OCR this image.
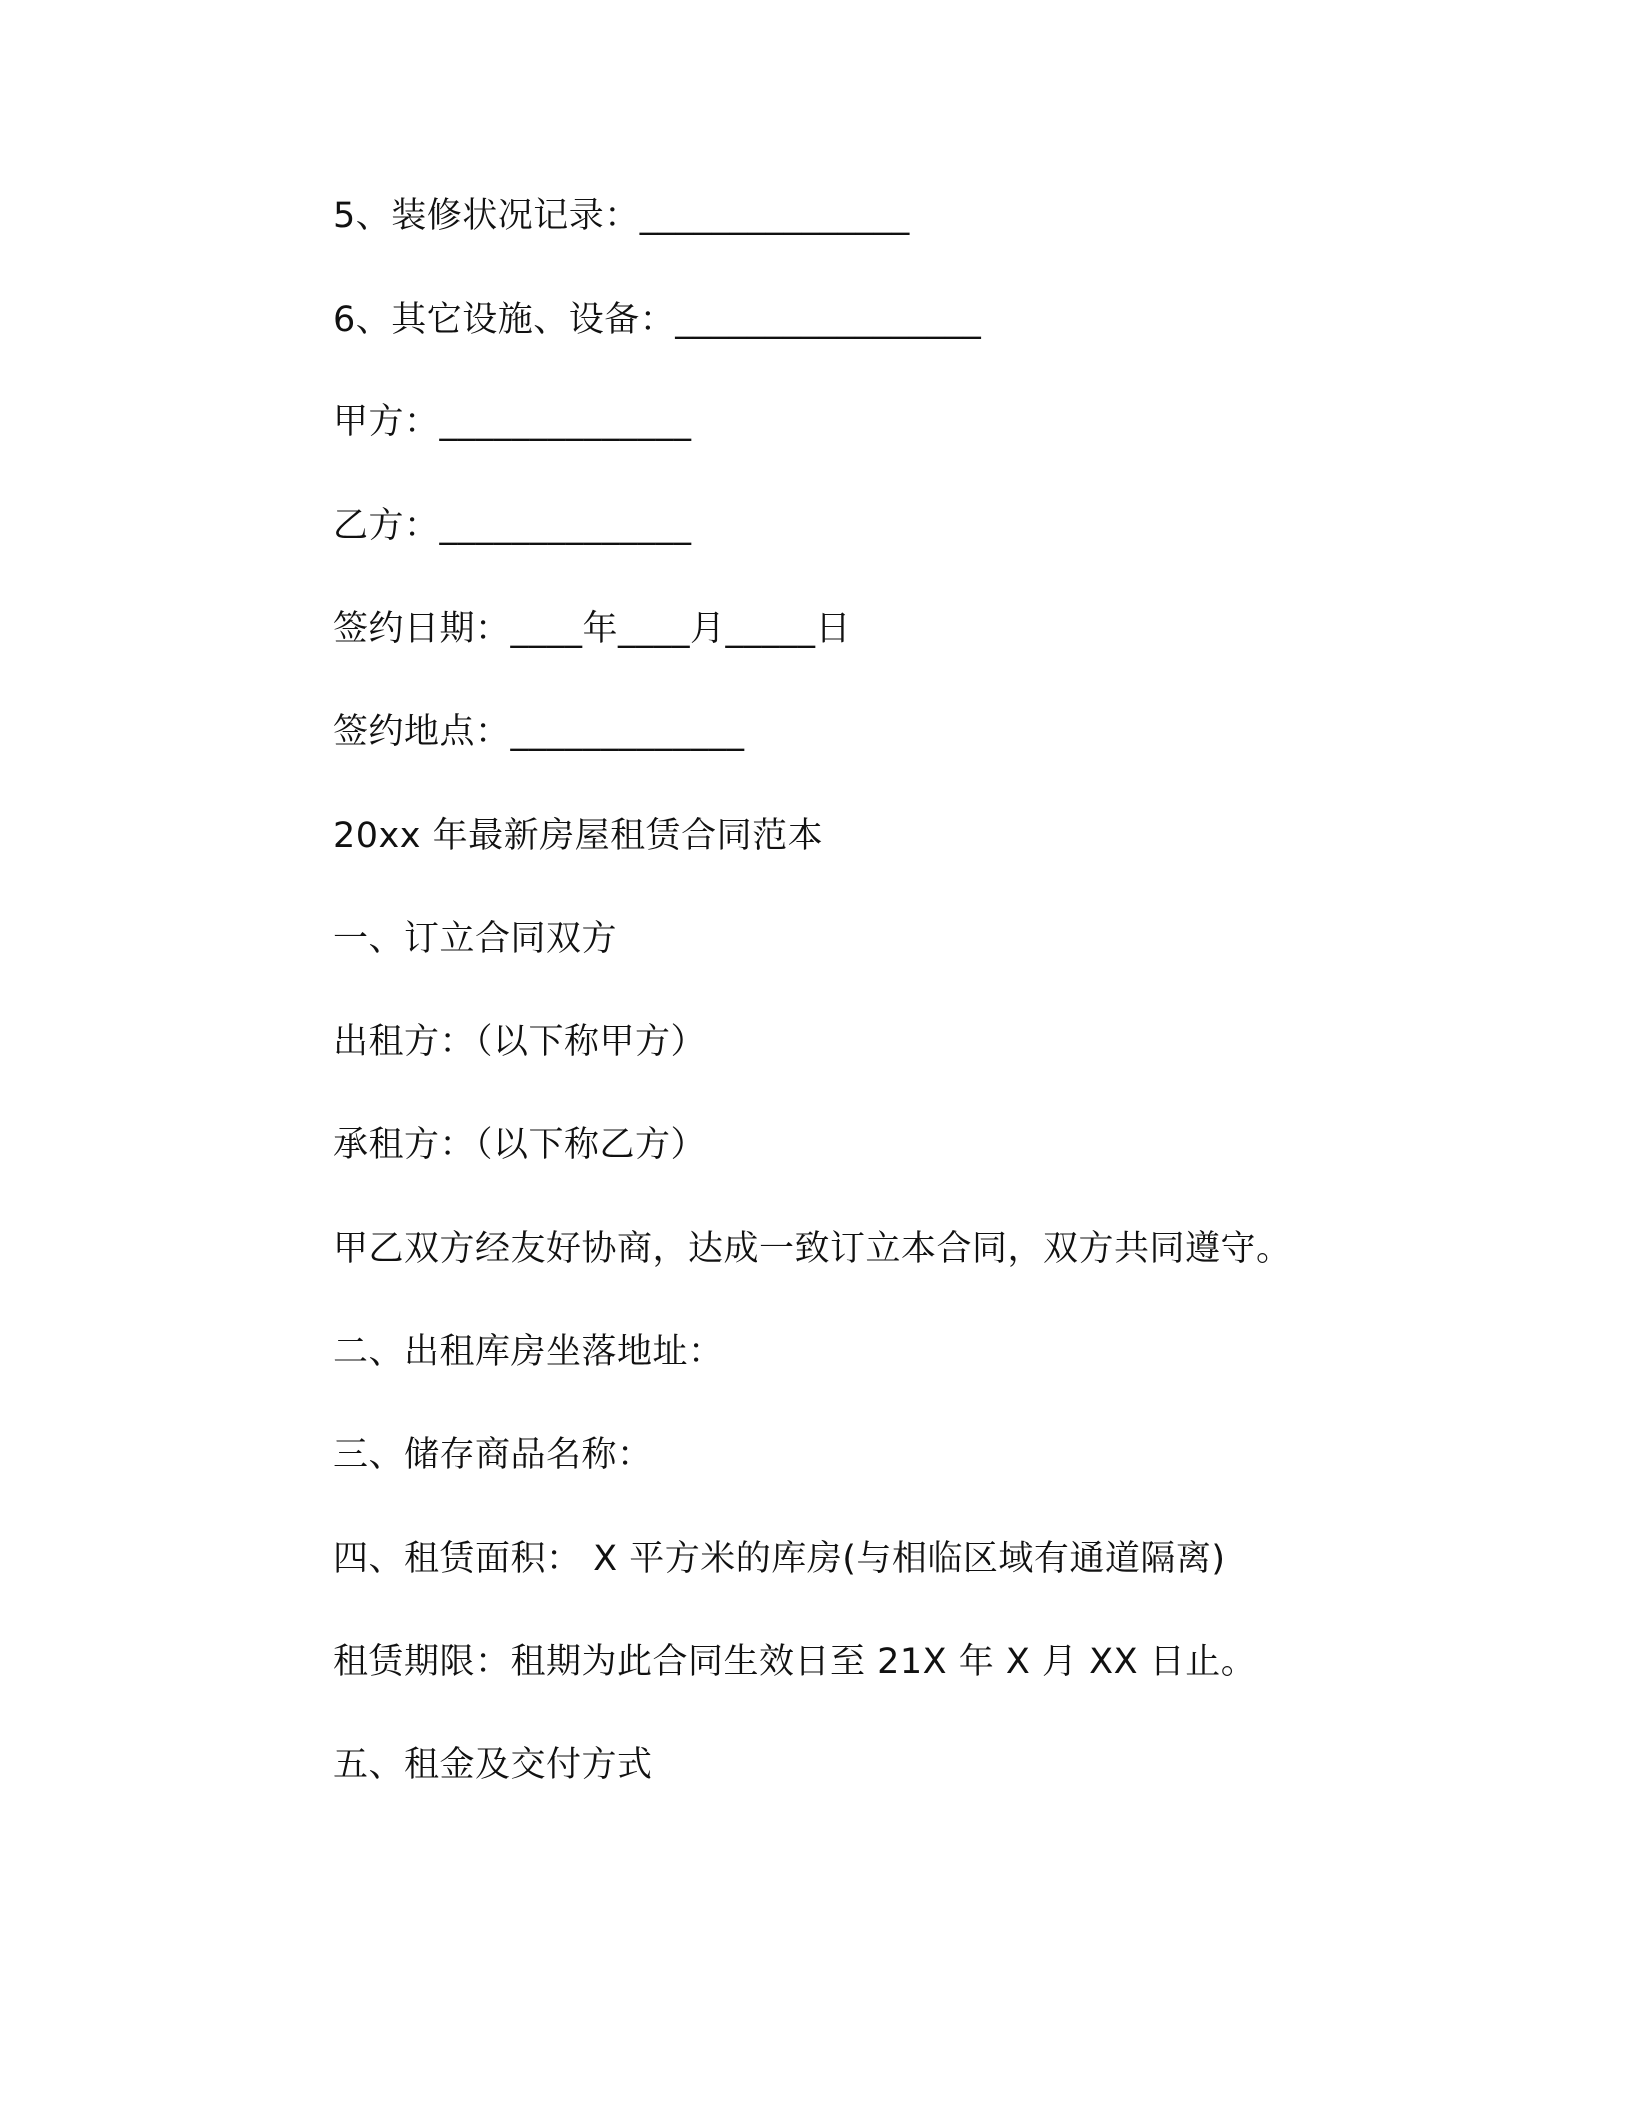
5、装修状况记录：_______________
6、其它设施、设备：_________________
甲方：______________
乙方：______________
签约日期：____年____月_____日
签约地点：_____________
20xx 年最新房屋租赁合同范本
一、订立合同双方
出租方：（以下称甲方）
承租方：（以下称乙方）
甲乙双方经友好协商，达成一致订立本合同，双方共同遵守。
二、出租库房坐落地址：
三、储存商品名称：
四、租赁面积： X 平方米的库房(与相临区域有通道隔离)
租赁期限：租期为此合同生效日至 21X 年 X 月 XX 日止。
五、租金及交付方式
